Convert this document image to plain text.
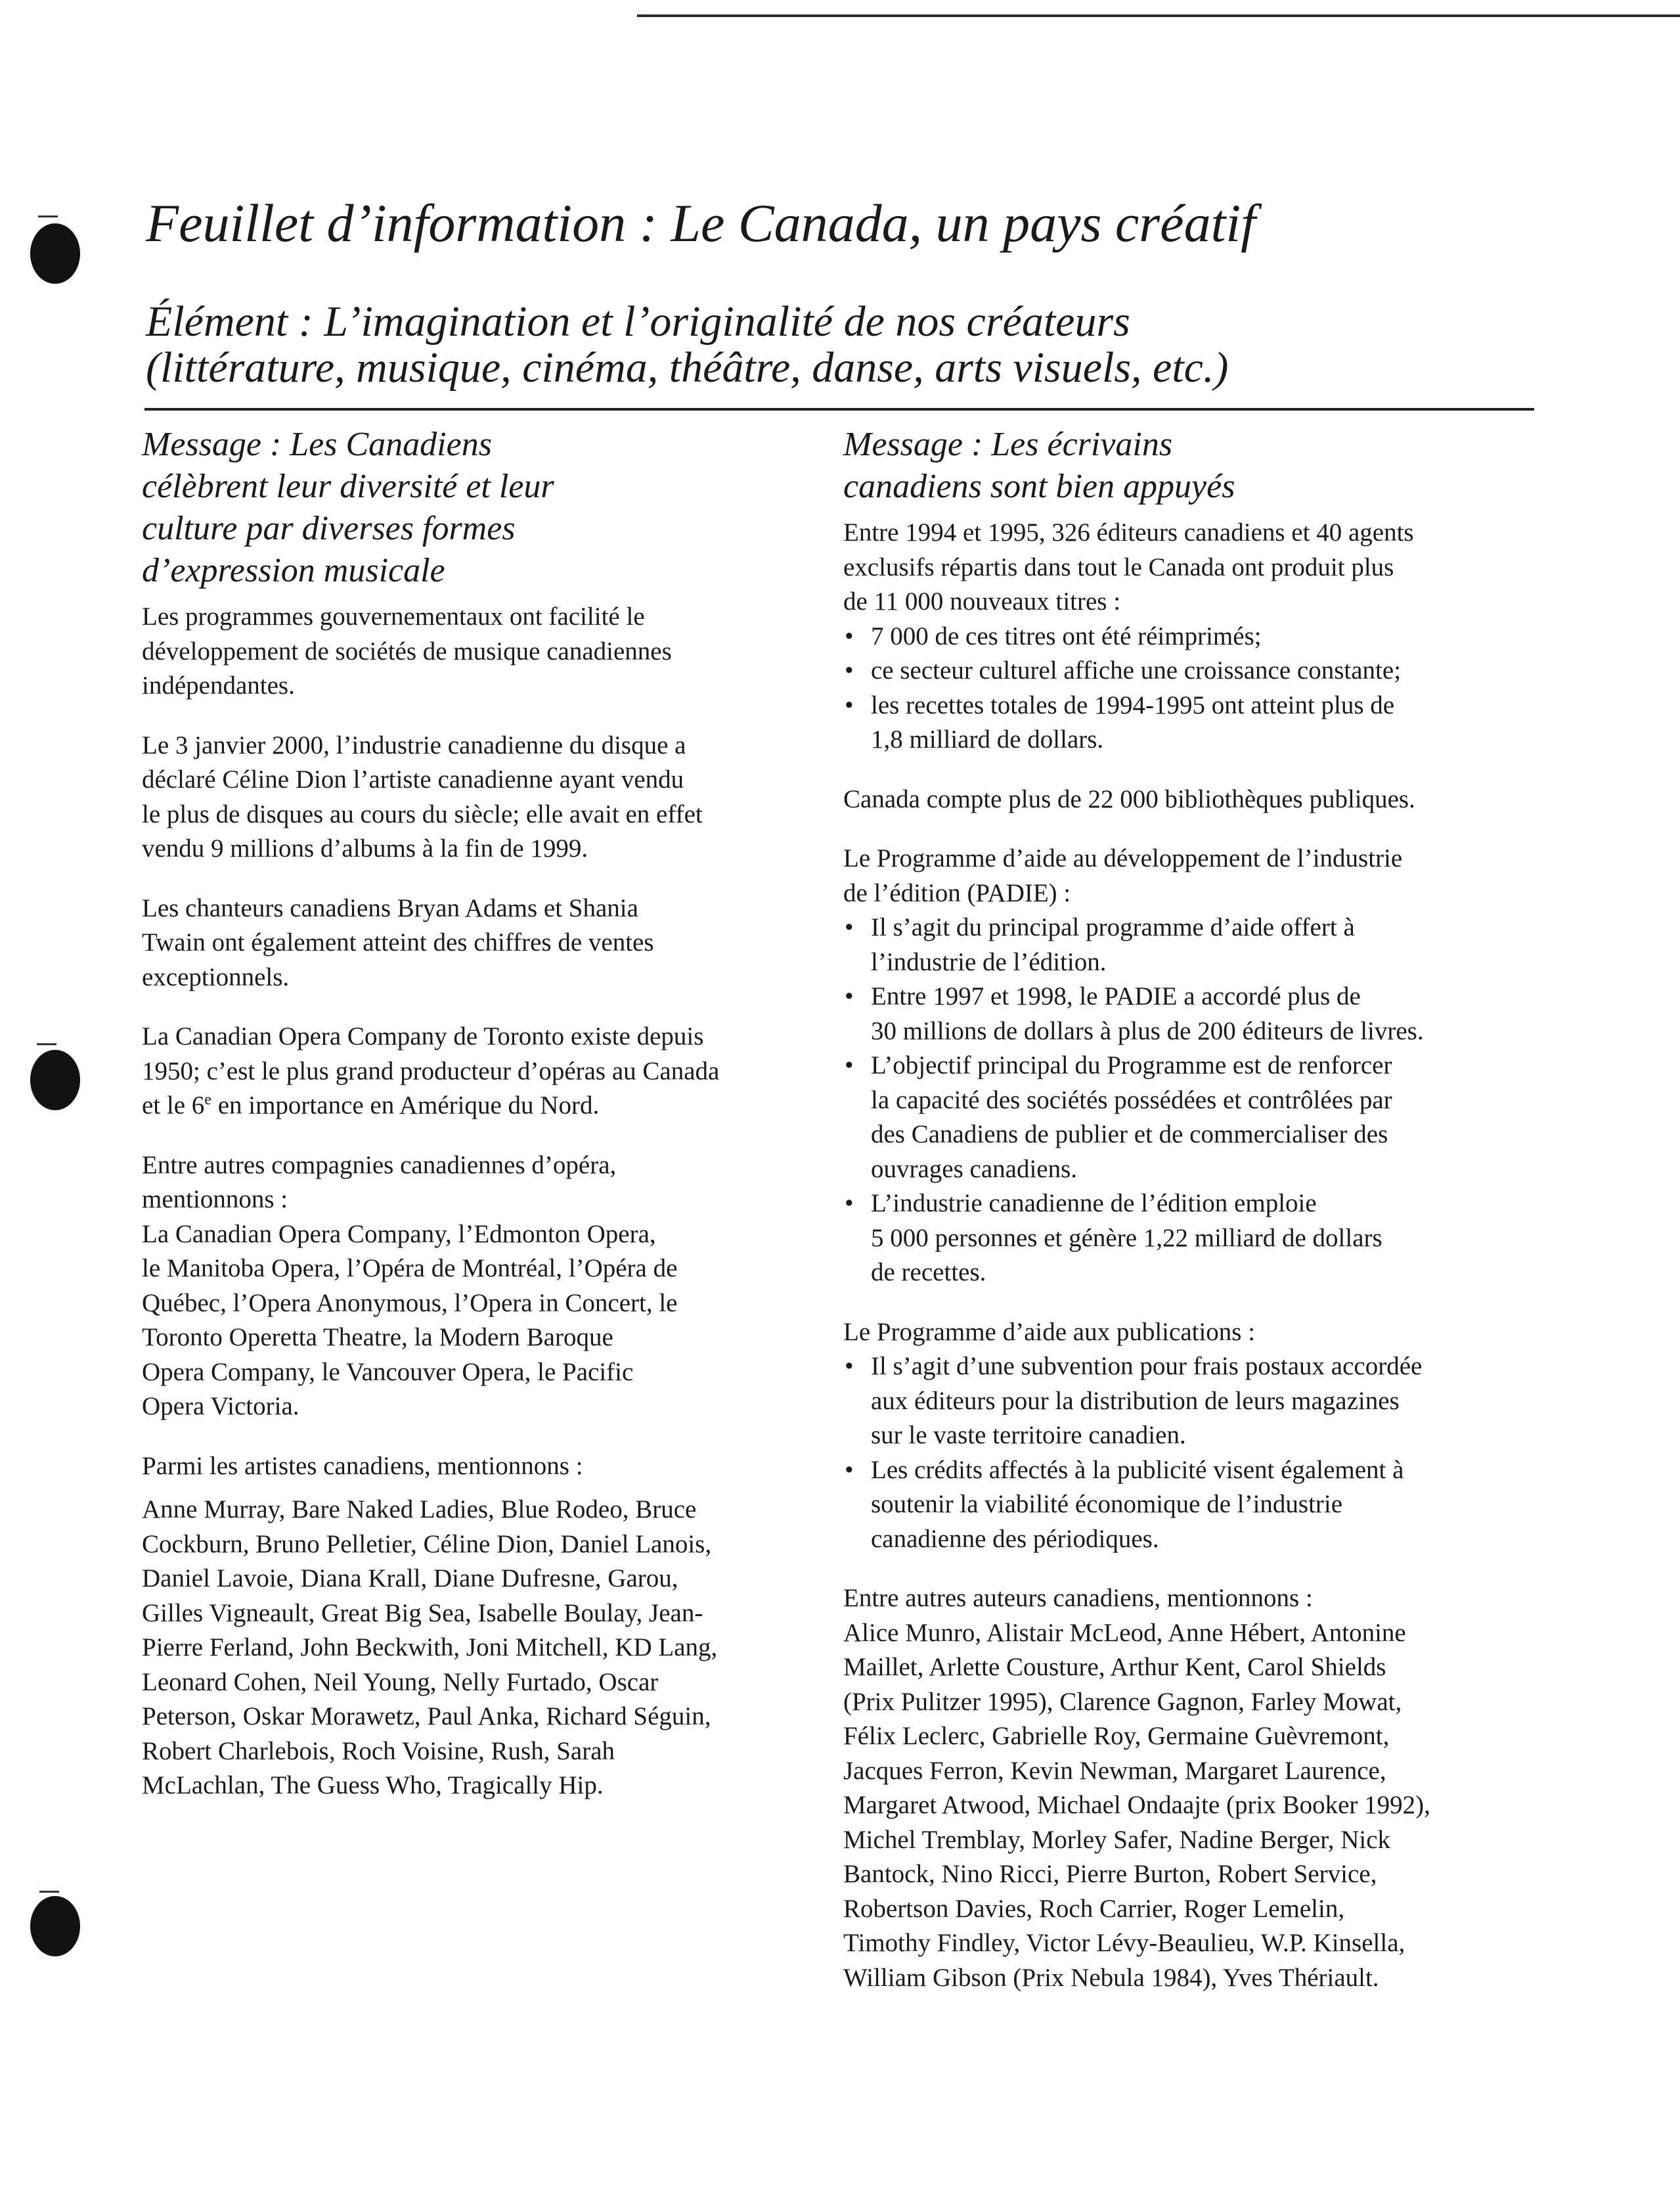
Feuillet d’information : Le Canada, un pays créatif
Élément : L’imagination et l’originalité de nos créateurs
(littérature, musique, cinéma, théâtre, danse, arts visuels, etc.)
Message : Les Canadiens
célèbrent leur diversité et leur
culture par diverses formes
d’expression musicale

Les programmes gouvernementaux ont facilité le
développement de sociétés de musique canadiennes
indépendantes.

Le 3 janvier 2000, l’industrie canadienne du disque a
déclaré Céline Dion l’artiste canadienne ayant vendu
le plus de disques au cours du siècle; elle avait en effet
vendu 9 millions d’albums à la fin de 1999.

Les chanteurs canadiens Bryan Adams et Shania
Twain ont également atteint des chiffres de ventes
exceptionnels.

La Canadian Opera Company de Toronto existe depuis
1950; c’est le plus grand producteur d’opéras au Canada
et le 6e en importance en Amérique du Nord.

Entre autres compagnies canadiennes d’opéra,
mentionnons :
La Canadian Opera Company, l’Edmonton Opera,
le Manitoba Opera, l’Opéra de Montréal, l’Opéra de
Québec, l’Opera Anonymous, l’Opera in Concert, le
Toronto Operetta Theatre, la Modern Baroque
Opera Company, le Vancouver Opera, le Pacific
Opera Victoria.

Parmi les artistes canadiens, mentionnons :

Anne Murray, Bare Naked Ladies, Blue Rodeo, Bruce
Cockburn, Bruno Pelletier, Céline Dion, Daniel Lanois,
Daniel Lavoie, Diana Krall, Diane Dufresne, Garou,
Gilles Vigneault, Great Big Sea, Isabelle Boulay, Jean-
Pierre Ferland, John Beckwith, Joni Mitchell, KD Lang,
Leonard Cohen, Neil Young, Nelly Furtado, Oscar
Peterson, Oskar Morawetz, Paul Anka, Richard Séguin,
Robert Charlebois, Roch Voisine, Rush, Sarah
McLachlan, The Guess Who, Tragically Hip.

Message : Les écrivains
canadiens sont bien appuyés

Entre 1994 et 1995, 326 éditeurs canadiens et 40 agents
exclusifs répartis dans tout le Canada ont produit plus
de 11 000 nouveaux titres :

• 7 000 de ces titres ont été réimprimés;
• ce secteur culturel affiche une croissance constante;
• les recettes totales de 1994-1995 ont atteint plus de
1,8 milliard de dollars.

Canada compte plus de 22 000 bibliothèques publiques.

Le Programme d’aide au développement de l’industrie
de l’édition (PADIE) :

• Il s’agit du principal programme d’aide offert à
l’industrie de l’édition.
• Entre 1997 et 1998, le PADIE a accordé plus de
30 millions de dollars à plus de 200 éditeurs de livres.
• L’objectif principal du Programme est de renforcer
la capacité des sociétés possédées et contrôlées par
des Canadiens de publier et de commercialiser des
ouvrages canadiens.
• L’industrie canadienne de l’édition emploie
5 000 personnes et génère 1,22 milliard de dollars
de recettes.

Le Programme d’aide aux publications :

• Il s’agit d’une subvention pour frais postaux accordée
aux éditeurs pour la distribution de leurs magazines
sur le vaste territoire canadien.
• Les crédits affectés à la publicité visent également à
soutenir la viabilité économique de l’industrie
canadienne des périodiques.

Entre autres auteurs canadiens, mentionnons :

Alice Munro, Alistair McLeod, Anne Hébert, Antonine
Maillet, Arlette Cousture, Arthur Kent, Carol Shields
(Prix Pulitzer 1995), Clarence Gagnon, Farley Mowat,
Félix Leclerc, Gabrielle Roy, Germaine Guèvremont,
Jacques Ferron, Kevin Newman, Margaret Laurence,
Margaret Atwood, Michael Ondaajte (prix Booker 1992),
Michel Tremblay, Morley Safer, Nadine Berger, Nick
Bantock, Nino Ricci, Pierre Burton, Robert Service,
Robertson Davies, Roch Carrier, Roger Lemelin,
Timothy Findley, Victor Lévy-Beaulieu, W.P. Kinsella,
William Gibson (Prix Nebula 1984), Yves Thériault.
